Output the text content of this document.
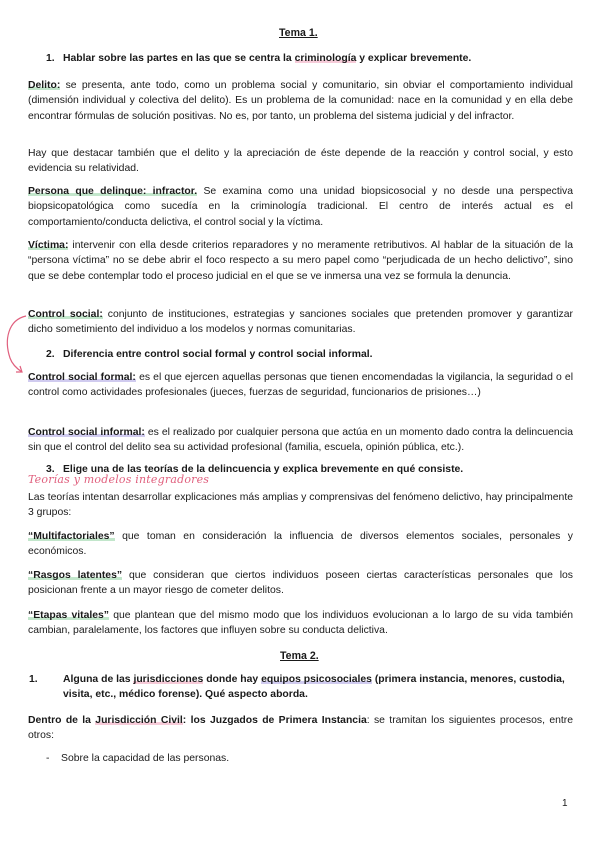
Tema 1.

1. Hablar sobre las partes en las que se centra la criminología y explicar brevemente.

Delito: se presenta, ante todo, como un problema social y comunitario, sin obviar el comportamiento individual (dimensión individual y colectiva del delito). Es un problema de la comunidad: nace en la comunidad y en ella debe encontrar fórmulas de solución positivas. No es, por tanto, un problema del sistema judicial y del infractor.

Hay que destacar también que el delito y la apreciación de éste depende de la reacción y control social, y esto evidencia su relatividad.

Persona que delinque: infractor. Se examina como una unidad biopsicosocial y no desde una perspectiva biopsicopatológica como sucedía en la criminología tradicional. El centro de interés actual es el comportamiento/conducta delictiva, el control social y la víctima.

Víctima: intervenir con ella desde criterios reparadores y no meramente retributivos. Al hablar de la situación de la “persona víctima” no se debe abrir el foco respecto a su mero papel como “perjudicada de un hecho delictivo”, sino que se debe contemplar todo el proceso judicial en el que se ve inmersa una vez se formula la denuncia.

Control social: conjunto de instituciones, estrategias y sanciones sociales que pretenden promover y garantizar dicho sometimiento del individuo a los modelos y normas comunitarias.

2. Diferencia entre control social formal y control social informal.

Control social formal: es el que ejercen aquellas personas que tienen encomendadas la vigilancia, la seguridad o el control como actividades profesionales (jueces, fuerzas de seguridad, funcionarios de prisiones…)

Control social informal: es el realizado por cualquier persona que actúa en un momento dado contra la delincuencia sin que el control del delito sea su actividad profesional (familia, escuela, opinión pública, etc.).

3. Elige una de las teorías de la delincuencia y explica brevemente en qué consiste.

Teorías y modelos integradores

Las teorías intentan desarrollar explicaciones más amplias y comprensivas del fenómeno delictivo, hay principalmente 3 grupos:

“Multifactoriales” que toman en consideración la influencia de diversos elementos sociales, personales y económicos.

“Rasgos latentes” que consideran que ciertos individuos poseen ciertas características personales que los posicionan frente a un mayor riesgo de cometer delitos.

“Etapas vitales” que plantean que del mismo modo que los individuos evolucionan a lo largo de su vida también cambian, paralelamente, los factores que influyen sobre su conducta delictiva.

Tema 2.

1. Alguna de las jurisdicciones donde hay equipos psicosociales (primera instancia, menores, custodia, visita, etc., médico forense). Qué aspecto aborda.

Dentro de la Jurisdicción Civil: los Juzgados de Primera Instancia: se tramitan los siguientes procesos, entre otros:

- Sobre la capacidad de las personas.

1
